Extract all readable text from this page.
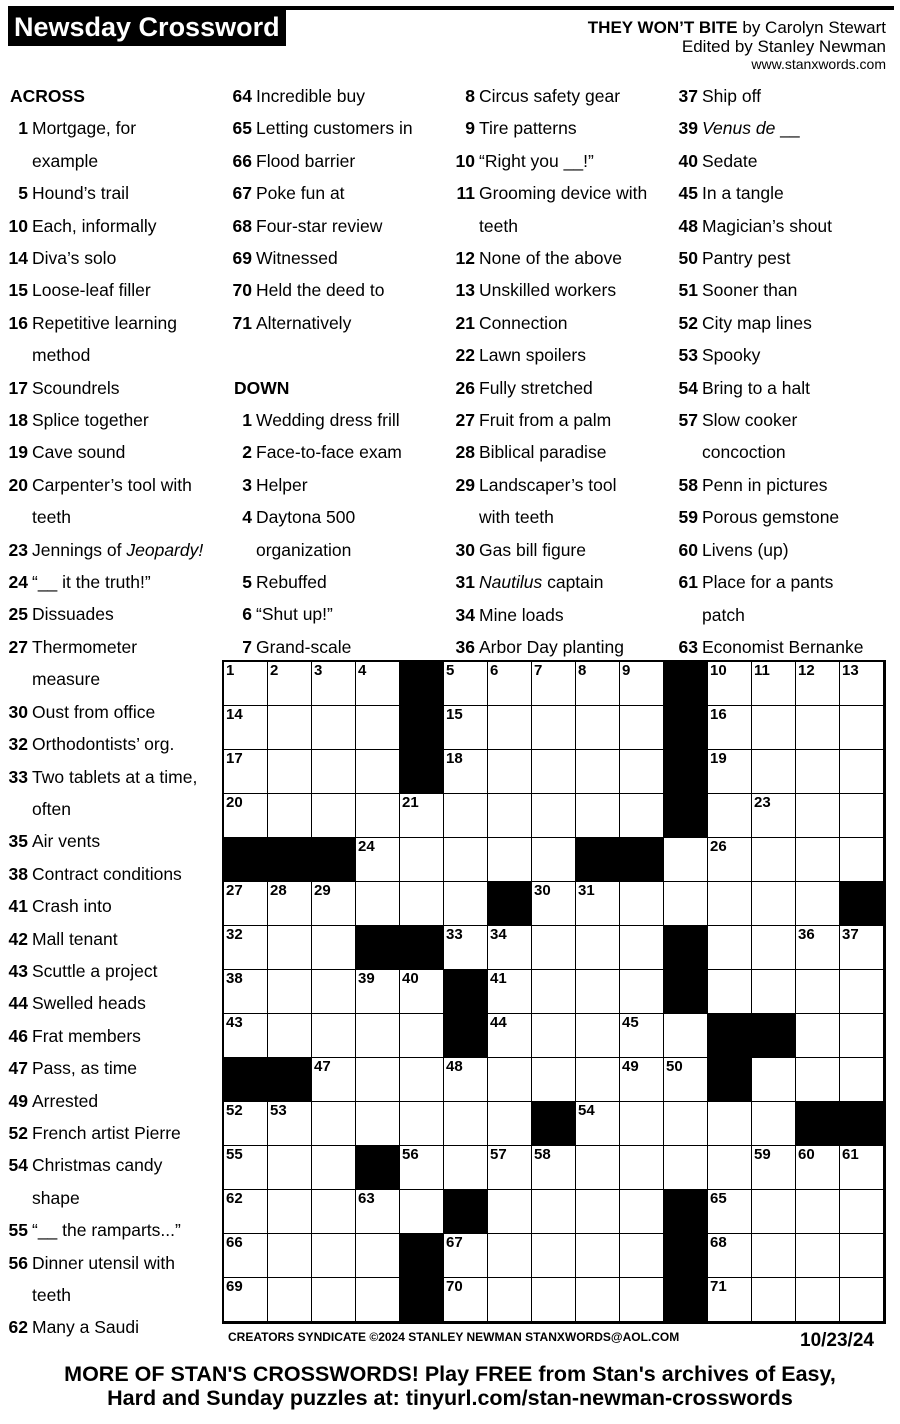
Newsday Crossword	THEY WON’T BITE by Carolyn Stewart
Edited by Stanley Newman
www.stanxwords.com
ACROSS
1 Mortgage, for
example
5 Hound’s trail
10 Each, informally
14 Diva’s solo
15 Loose-leaf filler
16 Repetitive learning
method
17 Scoundrels
18 Splice together
19 Cave sound
20 Carpenter’s tool with
teeth
23 Jennings of Jeopardy!
24 “__ it the truth!”
25 Dissuades
27 Thermometer
measure
30 Oust from office
32 Orthodontists’ org.
33 Two tablets at a time,
often
35 Air vents
38 Contract conditions
41 Crash into
42 Mall tenant
43 Scuttle a project
44 Swelled heads
46 Frat members
47 Pass, as time
49 Arrested
52 French artist Pierre
54 Christmas candy
shape
55 “__ the ramparts...”
56 Dinner utensil with
teeth
62 Many a Saudi
64 Incredible buy
65 Letting customers in
66 Flood barrier
67 Poke fun at
68 Four-star review
69 Witnessed
70 Held the deed to
71 Alternatively
DOWN
1 Wedding dress frill
2 Face-to-face exam
3 Helper
4 Daytona 500
organization
5 Rebuffed
6 “Shut up!”
7 Grand-scale
8 Circus safety gear
9 Tire patterns
10 “Right you __!”
11 Grooming device with
teeth
12 None of the above
13 Unskilled workers
21 Connection
22 Lawn spoilers
26 Fully stretched
27 Fruit from a palm
28 Biblical paradise
29 Landscaper’s tool
with teeth
30 Gas bill figure
31 Nautilus captain
34 Mine loads
36 Arbor Day planting
37 Ship off
39 Venus de __
40 Sedate
45 In a tangle
48 Magician’s shout
50 Pantry pest
51 Sooner than
52 City map lines
53 Spooky
54 Bring to a halt
57 Slow cooker
concoction
58 Penn in pictures
59 Porous gemstone
60 Livens (up)
61 Place for a pants
patch
63 Economist Bernanke
1 2 3 4	5 6 7 8 9	10 11 12 13
14	15	16
17	18	19
20	21	23
24	26
27 28 29	30 31
32	33 34	36 37
38	39 40	41
43	44	45
47	48	49 50
52 53	54
55	56	57 58	59 60 61
62	63	65
66	67	68
69	70	71
CREATORS SYNDICATE ©2024 STANLEY NEWMAN STANXWORDS@AOL.COM	10/23/24
MORE OF STAN'S CROSSWORDS! Play FREE from Stan's archives of Easy,
Hard and Sunday puzzles at: tinyurl.com/stan-newman-crosswords
